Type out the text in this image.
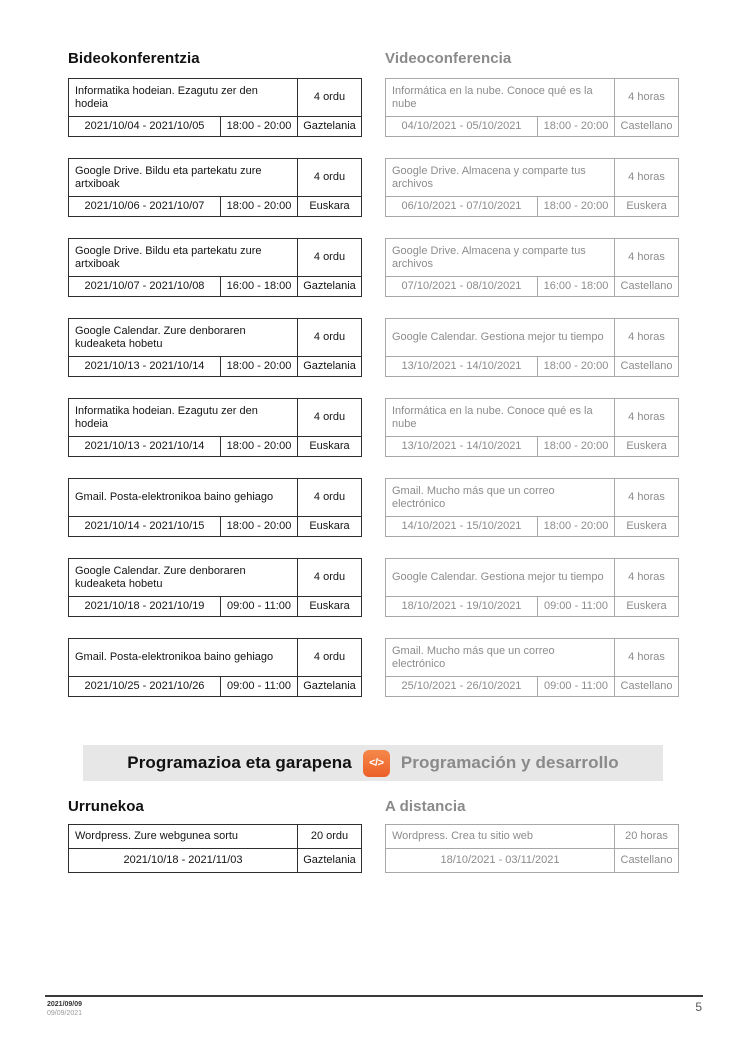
Bideokonferentzia	Videoconferencia
Informatika hodeian. Ezagutu zer den hodeia		4 ordu
2021/10/04 - 2021/10/05	18:00 - 20:00	Gaztelania
Google Drive. Bildu eta partekatu zure artxiboak		4 ordu
2021/10/06 - 2021/10/07	18:00 - 20:00	Euskara
Google Drive. Bildu eta partekatu zure artxiboak		4 ordu
2021/10/07 - 2021/10/08	16:00 - 18:00	Gaztelania
Google Calendar. Zure denboraren kudeaketa hobetu		4 ordu
2021/10/13 - 2021/10/14	18:00 - 20:00	Gaztelania
Informatika hodeian. Ezagutu zer den hodeia		4 ordu
2021/10/13 - 2021/10/14	18:00 - 20:00	Euskara
Gmail. Posta-elektronikoa baino gehiago		4 ordu
2021/10/14 - 2021/10/15	18:00 - 20:00	Euskara
Google Calendar. Zure denboraren kudeaketa hobetu		4 ordu
2021/10/18 - 2021/10/19	09:00 - 11:00	Euskara
Gmail. Posta-elektronikoa baino gehiago		4 ordu
2021/10/25 - 2021/10/26	09:00 - 11:00	Gaztelania
Informática en la nube. Conoce qué es la nube		4 horas
04/10/2021 - 05/10/2021	18:00 - 20:00	Castellano
Google Drive. Almacena y comparte tus archivos		4 horas
06/10/2021 - 07/10/2021	18:00 - 20:00	Euskera
Google Drive. Almacena y comparte tus archivos		4 horas
07/10/2021 - 08/10/2021	16:00 - 18:00	Castellano
Google Calendar. Gestiona mejor tu tiempo		4 horas
13/10/2021 - 14/10/2021	18:00 - 20:00	Castellano
Informática en la nube. Conoce qué es la nube		4 horas
13/10/2021 - 14/10/2021	18:00 - 20:00	Euskera
Gmail. Mucho más que un correo electrónico		4 horas
14/10/2021 - 15/10/2021	18:00 - 20:00	Euskera
Google Calendar. Gestiona mejor tu tiempo		4 horas
18/10/2021 - 19/10/2021	09:00 - 11:00	Euskera
Gmail. Mucho más que un correo electrónico		4 horas
25/10/2021 - 26/10/2021	09:00 - 11:00	Castellano
Programazioa eta garapena	</>	Programación y desarrollo
Urrunekoa	A distancia
Wordpress. Zure webgunea sortu	20 ordu
2021/10/18 - 2021/11/03	Gaztelania
Wordpress. Crea tu sitio web	20 horas
18/10/2021 - 03/11/2021	Castellano
2021/09/09
09/09/2021	5
